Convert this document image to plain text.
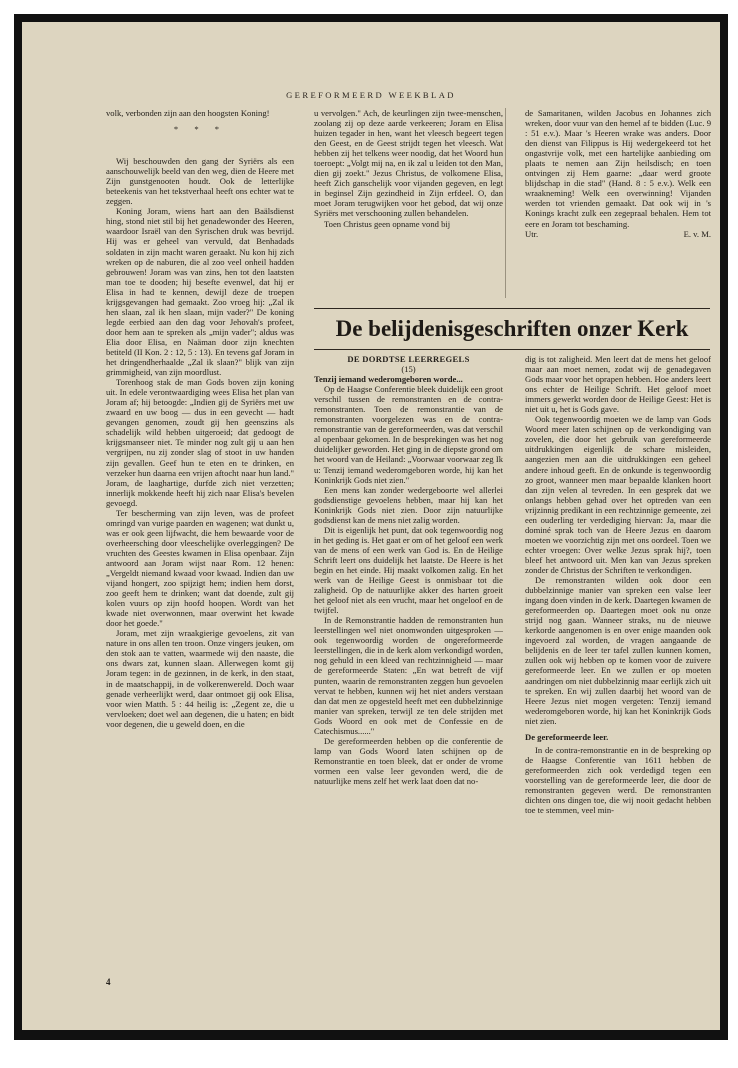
GEREFORMEERD WEEKBLAD

volk, verbonden zijn aan den hoogsten Koning!

* * *

Wij beschouwden den gang der Syriërs als een aanschouwelijk beeld van den weg, dien de Heere met Zijn gunstgenooten houdt. Ook de letterlijke beteekenis van het tekstverhaal heeft ons echter wat te zeggen.

Koning Joram, wiens hart aan den Baälsdienst hing, stond niet stil bij het genadewonder des Heeren, waardoor Israël van den Syrischen druk was bevrijd. Hij was er geheel van vervuld, dat Benhadads soldaten in zijn macht waren geraakt. Nu kon hij zich wreken op de naburen, die al zoo veel onheil hadden gebrouwen! Joram was van zins, hen tot den laatsten man toe te dooden; hij besefte evenwel, dat hij er Elisa in had te kennen, dewijl deze de troepen krijgsgevangen had gemaakt. Zoo vroeg hij: „Zal ik hen slaan, zal ik hen slaan, mijn vader?" De koning legde eerbied aan den dag voor Jehovah's profeet, door hem aan te spreken als „mijn vader"; aldus was Elia door Elisa, en Naäman door zijn knechten betiteld (II Kon. 2 : 12, 5 : 13). En tevens gaf Joram in het dringendherhaalde „Zal ik slaan?" blijk van zijn grimmigheid, van zijn moordlust.

Torenhoog stak de man Gods boven zijn koning uit. In edele verontwaardiging wees Elisa het plan van Joram af; hij betoogde: „Indien gij de Syriërs met uw zwaard en uw boog — dus in een gevecht — hadt gevangen genomen, zoudt gij hen geenszins als schadelijk wild hebben uitgeroeid; dat gedoogt de krijgsmanseer niet. Te minder nog zult gij u aan hen vergrijpen, nu zij zonder slag of stoot in uw handen zijn gevallen. Geef hun te eten en te drinken, en verzeker hun daarna een vrijen aftocht naar hun land." Joram, de laaghartige, durfde zich niet verzetten; innerlijk mokkende heeft hij zich naar Elisa's bevelen gevoegd.

Ter bescherming van zijn leven, was de profeet omringd van vurige paarden en wagenen; wat dunkt u, was er ook geen lijfwacht, die hem bewaarde voor de overheersching door vleeschelijke overleggingen? De vruchten des Geestes kwamen in Elisa openbaar. Zijn antwoord aan Joram wijst naar Rom. 12 henen: „Vergeldt niemand kwaad voor kwaad. Indien dan uw vijand hongert, zoo spijzigt hem; indien hem dorst, zoo geeft hem te drinken; want dat doende, zult gij kolen vuurs op zijn hoofd hoopen. Wordt van het kwade niet overwonnen, maar overwint het kwade door het goede."

Joram, met zijn wraakgierige gevoelens, zit van nature in ons allen ten troon. Onze vingers jeuken, om den stok aan te vatten, waarmede wij den naaste, die ons dwars zat, kunnen slaan. Allerwegen komt gij Joram tegen: in de gezinnen, in de kerk, in den staat, in de maatschappij, in de volkerenwereld. Doch waar genade verheerlijkt werd, daar ontmoet gij ook Elisa, voor wien Matth. 5 : 44 heilig is: „Zegent ze, die u vervloeken; doet wel aan degenen, die u haten; en bidt voor degenen, die u geweld doen, en die

u vervolgen." Ach, de keurlingen zijn twee-menschen, zoolang zij op deze aarde verkeeren; Joram en Elisa huizen tegader in hen, want het vleesch begeert tegen den Geest, en de Geest strijdt tegen het vleesch. Wat hebben zij het telkens weer noodig, dat het Woord hun toeroept: „Volgt mij na, en ik zal u leiden tot den Man, dien gij zoekt." Jezus Christus, de volkomene Elisa, heeft Zich ganschelijk voor vijanden gegeven, en legt in beginsel Zijn gezindheid in Zijn erfdeel. O, dan moet Joram terugwijken voor het gebod, dat wij onze Syriërs met verschooning zullen behandelen.

Toen Christus geen opname vond bij

de Samaritanen, wilden Jacobus en Johannes zich wreken, door vuur van den hemel af te bidden (Luc. 9 : 51 e.v.). Maar 's Heeren wrake was anders. Door den dienst van Filippus is Hij wedergekeerd tot het ongastvrije volk, met een hartelijke aanbieding om plaats te nemen aan Zijn heilsdisch; en toen ontvingen zij Hem gaarne: „daar werd groote blijdschap in die stad" (Hand. 8 : 5 e.v.). Welk een wraakneming! Welk een overwinning! Vijanden werden tot vrienden gemaakt. Dat ook wij in 's Konings kracht zulk een zegepraal behalen. Hem tot eere en Joram tot beschaming.

Utr.	E. v. M.
De belijdenisgeschriften onzer Kerk

DE DORDTSE LEERREGELS

(15)

Tenzij iemand wederomgeboren worde...

Op de Haagse Conferentie bleek duidelijk een groot verschil tussen de remonstranten en de contra-remonstranten. Toen de remonstrantie van de remonstranten voorgelezen was en de contra-remonstrantie van de gereformeerden, was dat verschil al openbaar gekomen. In de besprekingen was het nog duidelijker geworden. Het ging in de diepste grond om het woord van de Heiland: „Voorwaar voorwaar zeg Ik u: Tenzij iemand wederomgeboren worde, hij kan het Koninkrijk Gods niet zien."

Een mens kan zonder wedergeboorte wel allerlei godsdienstige gevoelens hebben, maar hij kan het Koninkrijk Gods niet zien. Door zijn natuurlijke godsdienst kan de mens niet zalig worden.

Dit is eigenlijk het punt, dat ook tegenwoordig nog in het geding is. Het gaat er om of het geloof een werk van de mens of een werk van God is. En de Heilige Schrift leert ons duidelijk het laatste. De Heere is het begin en het einde. Hij maakt volkomen zalig. En het werk van de Heilige Geest is onmisbaar tot die zaligheid. Op de natuurlijke akker des harten groeit het geloof niet als een vrucht, maar het ongeloof en de twijfel.

In de Remonstrantie hadden de remonstranten hun leerstellingen wel niet onomwonden uitgesproken — ook tegenwoordig worden de ongereformeerde leerstellingen, die in de kerk alom verkondigd worden, nog gehuld in een kleed van rechtzinnigheid — maar de gereformeerde Staten: „En wat betreft de vijf punten, waarin de remonstranten zeggen hun gevoelen vervat te hebben, kunnen wij het niet anders verstaan dan dat men ze opgesteld heeft met een dubbelzinnige manier van spreken, terwijl ze ten dele strijden met Gods Woord en ook met de Confessie en de Catechismus......"

De gereformeerden hebben op die conferentie de lamp van Gods Woord laten schijnen op de Remonstrantie en toen bleek, dat er onder de vrome vormen een valse leer gevonden werd, die de natuurlijke mens zelf het werk laat doen dat no-

dig is tot zaligheid. Men leert dat de mens het geloof maar aan moet nemen, zodat wij de genadegaven Gods maar voor het oprapen hebben. Hoe anders leert ons echter de Heilige Schrift. Het geloof moet immers gewerkt worden door de Heilige Geest: Het is niet uit u, het is Gods gave.

Ook tegenwoordig moeten we de lamp van Gods Woord meer laten schijnen op de verkondiging van zovelen, die door het gebruik van gereformeerde uitdrukkingen eigenlijk de schare misleiden, aangezien men aan die uitdrukkingen een geheel andere inhoud geeft. En de onkunde is tegenwoordig zo groot, wanneer men maar bepaalde klanken hoort dan zijn velen al tevreden. In een gesprek dat we onlangs hebben gehad over het optreden van een vrijzinnig predikant in een rechtzinnige gemeente, zei een ouderling ter verdediging hiervan: Ja, maar die dominé sprak toch van de Heere Jezus en daarom moeten we voorzichtig zijn met ons oordeel. Toen we echter vroegen: Over welke Jezus sprak hij?, toen bleef het antwoord uit. Men kan van Jezus spreken zonder de Christus der Schriften te verkondigen.

De remonstranten wilden ook door een dubbelzinnige manier van spreken een valse leer ingang doen vinden in de kerk. Daartegen kwamen de gereformeerden op. Daartegen moet ook nu onze strijd nog gaan. Wanneer straks, nu de nieuwe kerkorde aangenomen is en over enige maanden ook ingevoerd zal worden, de vragen aangaande de belijdenis en de leer ter tafel zullen kunnen komen, zullen ook wij hebben op te komen voor de zuivere gereformeerde leer. En we zullen er op moeten aandringen om niet dubbelzinnig maar eerlijk zich uit te spreken. En wij zullen daarbij het woord van de Heere Jezus niet mogen vergeten: Tenzij iemand wederomgeboren worde, hij kan het Koninkrijk Gods niet zien.

De gereformeerde leer.

In de contra-remonstrantie en in de bespreking op de Haagse Conferentie van 1611 hebben de gereformeerden zich ook verdedigd tegen een voorstelling van de gereformeerde leer, die door de remonstranten gegeven werd. De remonstranten dichten ons dingen toe, die wij nooit gedacht hebben toe te stemmen, veel min-

4
